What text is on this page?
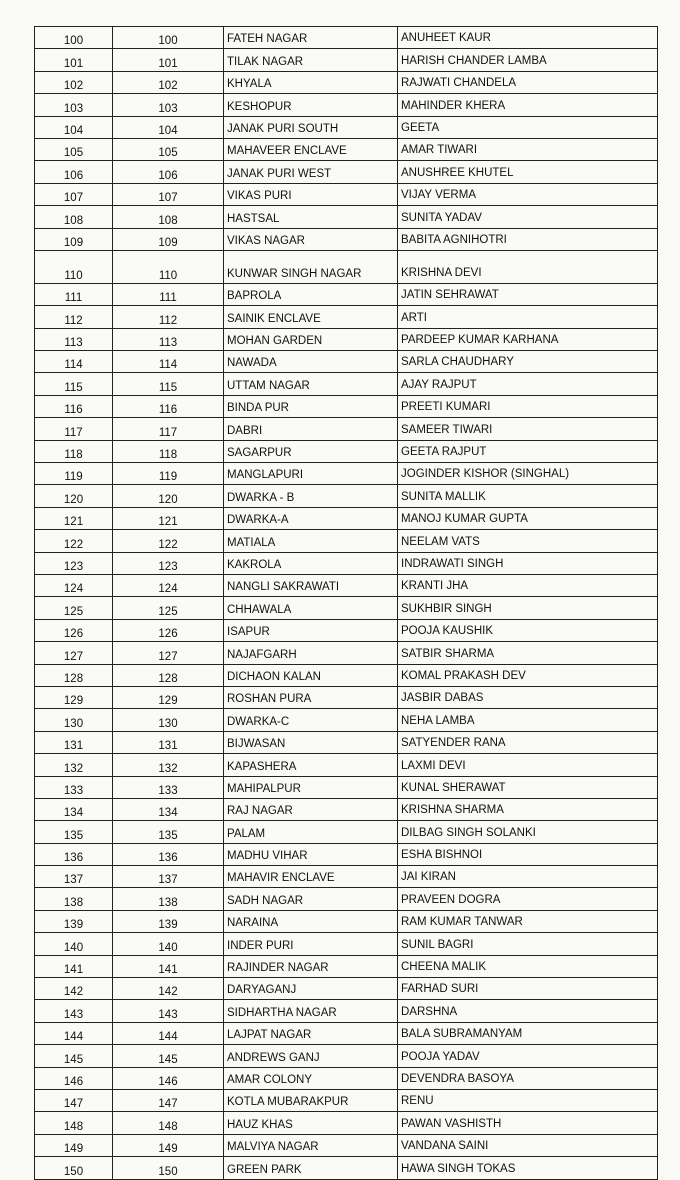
100	100	FATEH NAGAR	ANUHEET KAUR
101	101	TILAK NAGAR	HARISH CHANDER LAMBA
102	102	KHYALA	RAJWATI CHANDELA
103	103	KESHOPUR	MAHINDER KHERA
104	104	JANAK PURI SOUTH	GEETA
105	105	MAHAVEER ENCLAVE	AMAR TIWARI
106	106	JANAK PURI WEST	ANUSHREE KHUTEL
107	107	VIKAS PURI	VIJAY VERMA
108	108	HASTSAL	SUNITA YADAV
109	109	VIKAS NAGAR	BABITA AGNIHOTRI
110	110	KUNWAR SINGH NAGAR	KRISHNA DEVI
111	111	BAPROLA	JATIN SEHRAWAT
112	112	SAINIK ENCLAVE	ARTI
113	113	MOHAN GARDEN	PARDEEP KUMAR KARHANA
114	114	NAWADA	SARLA CHAUDHARY
115	115	UTTAM NAGAR	AJAY RAJPUT
116	116	BINDA PUR	PREETI KUMARI
117	117	DABRI	SAMEER TIWARI
118	118	SAGARPUR	GEETA RAJPUT
119	119	MANGLAPURI	JOGINDER KISHOR (SINGHAL)
120	120	DWARKA - B	SUNITA MALLIK
121	121	DWARKA-A	MANOJ KUMAR GUPTA
122	122	MATIALA	NEELAM VATS
123	123	KAKROLA	INDRAWATI SINGH
124	124	NANGLI SAKRAWATI	KRANTI JHA
125	125	CHHAWALA	SUKHBIR SINGH
126	126	ISAPUR	POOJA KAUSHIK
127	127	NAJAFGARH	SATBIR SHARMA
128	128	DICHAON KALAN	KOMAL PRAKASH DEV
129	129	ROSHAN PURA	JASBIR DABAS
130	130	DWARKA-C	NEHA LAMBA
131	131	BIJWASAN	SATYENDER RANA
132	132	KAPASHERA	LAXMI DEVI
133	133	MAHIPALPUR	KUNAL SHERAWAT
134	134	RAJ NAGAR	KRISHNA SHARMA
135	135	PALAM	DILBAG SINGH SOLANKI
136	136	MADHU VIHAR	ESHA BISHNOI
137	137	MAHAVIR ENCLAVE	JAI KIRAN
138	138	SADH NAGAR	PRAVEEN DOGRA
139	139	NARAINA	RAM KUMAR TANWAR
140	140	INDER PURI	SUNIL BAGRI
141	141	RAJINDER NAGAR	CHEENA MALIK
142	142	DARYAGANJ	FARHAD SURI
143	143	SIDHARTHA NAGAR	DARSHNA
144	144	LAJPAT NAGAR	BALA SUBRAMANYAM
145	145	ANDREWS GANJ	POOJA YADAV
146	146	AMAR COLONY	DEVENDRA BASOYA
147	147	KOTLA MUBARAKPUR	RENU
148	148	HAUZ KHAS	PAWAN VASHISTH
149	149	MALVIYA NAGAR	VANDANA SAINI
150	150	GREEN PARK	HAWA SINGH TOKAS
